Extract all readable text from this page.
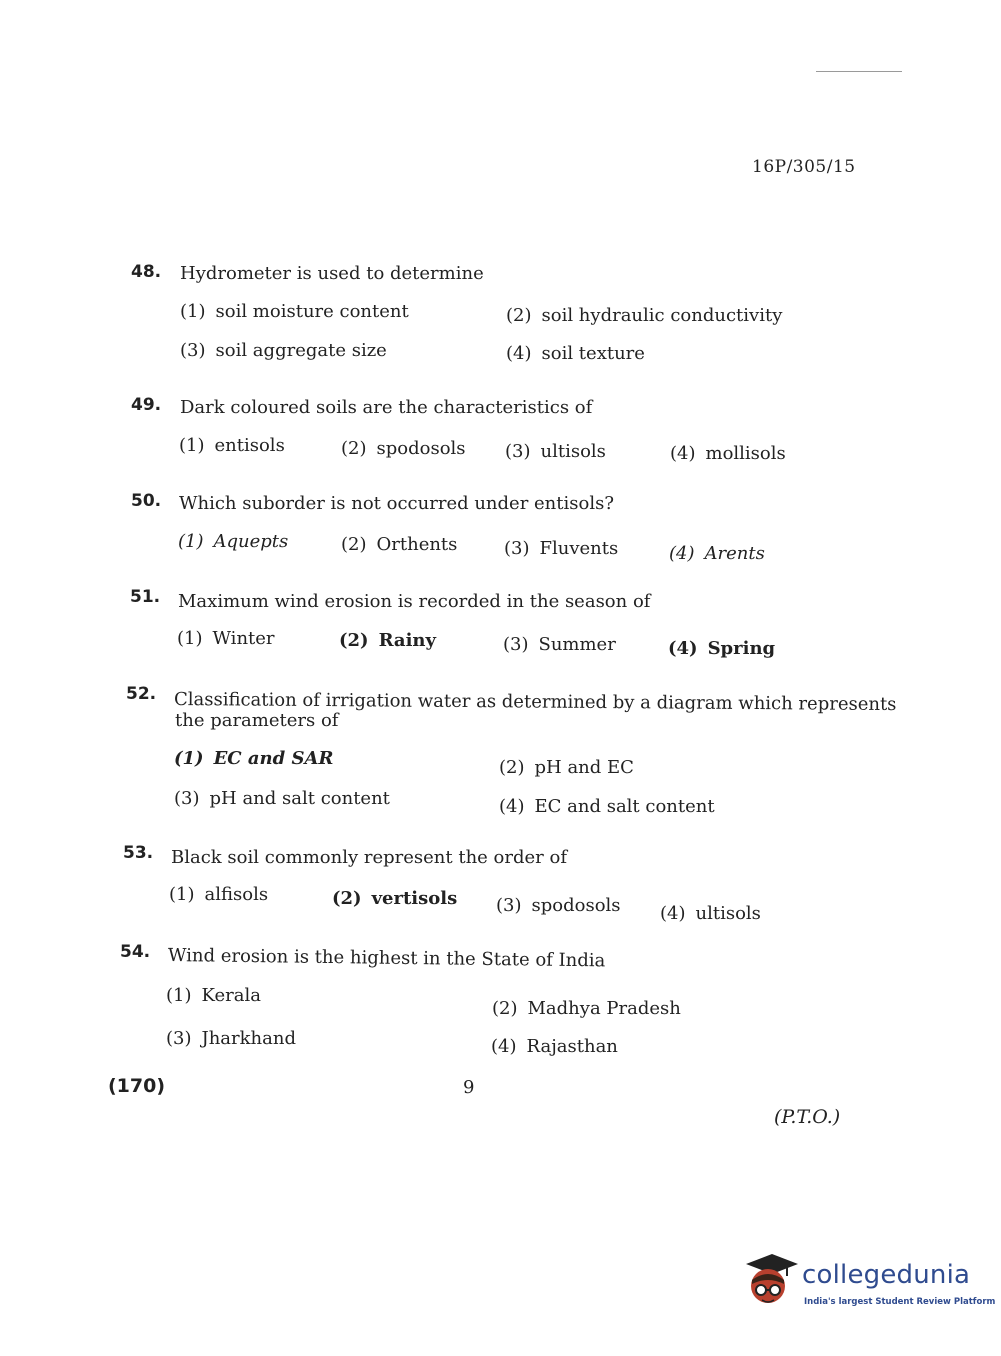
16P/305/15
48. Hydrometer is used to determine
(1) soil moisture content	(2) soil hydraulic conductivity
(3) soil aggregate size	(4) soil texture
49. Dark coloured soils are the characteristics of
(1) entisols	(2) spodosols (3) ultisols	(4) mollisols
50. Which suborder is not occurred under entisols?
(1) Aquepts	(2) Orthents	(3) Fluvents	(4) Arents
51. Maximum wind erosion is recorded in the season of
(1) Winter	(2) Rainy	(3) Summer	(4) Spring
52. Classification of irrigation water as determined by a diagram which represents
the parameters of
(1) EC and SAR	(2) pH and EC
(3) pH and salt content	(4) EC and salt content
53. Black soil commonly represent the order of
(1) alfisols	(2) vertisols (3) spodosols (4) ultisols
54. Wind erosion is the highest in the State of India
(1) Kerala
(2) Madhya Pradesh
(3) Jharkhand	(4) Rajasthan
(170)	9
(P.T.O.)
collegedunia
India's largest Student Review Platform
